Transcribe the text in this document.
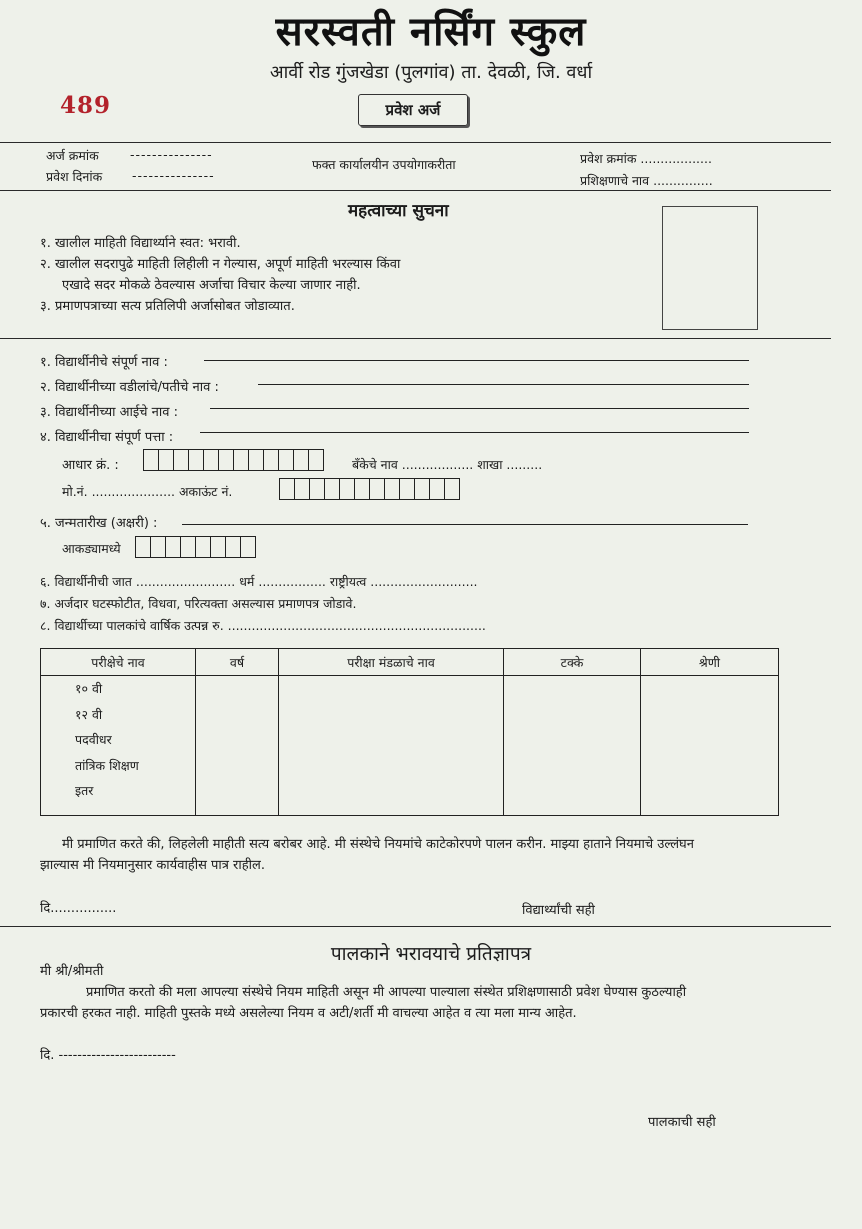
सरस्वती नर्सिंग स्कुल
आर्वी रोड गुंजखेडा (पुलगांव) ता. देवळी, जि. वर्धा
489	प्रवेश अर्ज
अर्ज क्रमांक	---------------
प्रवेश दिनांक ---------------
फक्त कार्यालयीन उपयोगाकरीता	प्रवेश क्रमांक ..................
प्रशिक्षणाचे नाव ...............
महत्वाच्या सुचना
१. खालील माहिती विद्यार्थ्याने स्वत: भरावी.
२. खालील सदरापुढे माहिती लिहीली न गेल्यास, अपूर्ण माहिती भरल्यास किंवा
एखादे सदर मोकळे ठेवल्यास अर्जाचा विचार केल्या जाणार नाही.
३. प्रमाणपत्राच्या सत्य प्रतिलिपी अर्जासोबत जोडाव्यात.
१. विद्यार्थीनीचे संपूर्ण नाव :
२. विद्यार्थीनीच्या वडीलांचे/पतीचे नाव :
३. विद्यार्थीनीच्या आईचे नाव :
४. विद्यार्थीनीचा संपूर्ण पत्ता :
आधार क्रं. :	बँकेचे नाव .................. शाखा .........
मो.नं. ..................... अकाऊंट नं.
५. जन्मतारीख (अक्षरी) :
आकड्यामध्ये
६. विद्यार्थीनीची जात ......................... धर्म ................. राष्ट्रीयत्व ...........................
७. अर्जदार घटस्फोटीत, विधवा, परित्यक्ता असल्यास प्रमाणपत्र जोडावे.
८. विद्यार्थीच्या पालकांचे वार्षिक उत्पन्न रु. .................................................................
परीक्षेचे नाव	वर्ष	परीक्षा मंडळाचे नाव	टक्के	श्रेणी

१० वी
१२ वी
पदवीधर
तांत्रिक शिक्षण
इतर				

मी प्रमाणित करते की, लिहलेली माहीती सत्य बरोबर आहे. मी संस्थेचे नियमांचे काटेकोरपणे पालन करीन. माझ्या हाताने नियमाचे उल्लंघन
झाल्यास मी नियमानुसार कार्यवाहीस पात्र राहील.
दि................	विद्यार्थ्यांची सही
पालकाने भरावयाचे प्रतिज्ञापत्र
मी श्री/श्रीमती
प्रमाणित करतो की मला आपल्या संस्थेचे नियम माहिती असून मी आपल्या पाल्याला संस्थेत प्रशिक्षणासाठी प्रवेश घेण्यास कुठल्याही
प्रकारची हरकत नाही. माहिती पुस्तके मध्ये असलेल्या नियम व अटी/शर्ती मी वाचल्या आहेत व त्या मला मान्य आहेत.
दि. -------------------------
पालकाची सही
